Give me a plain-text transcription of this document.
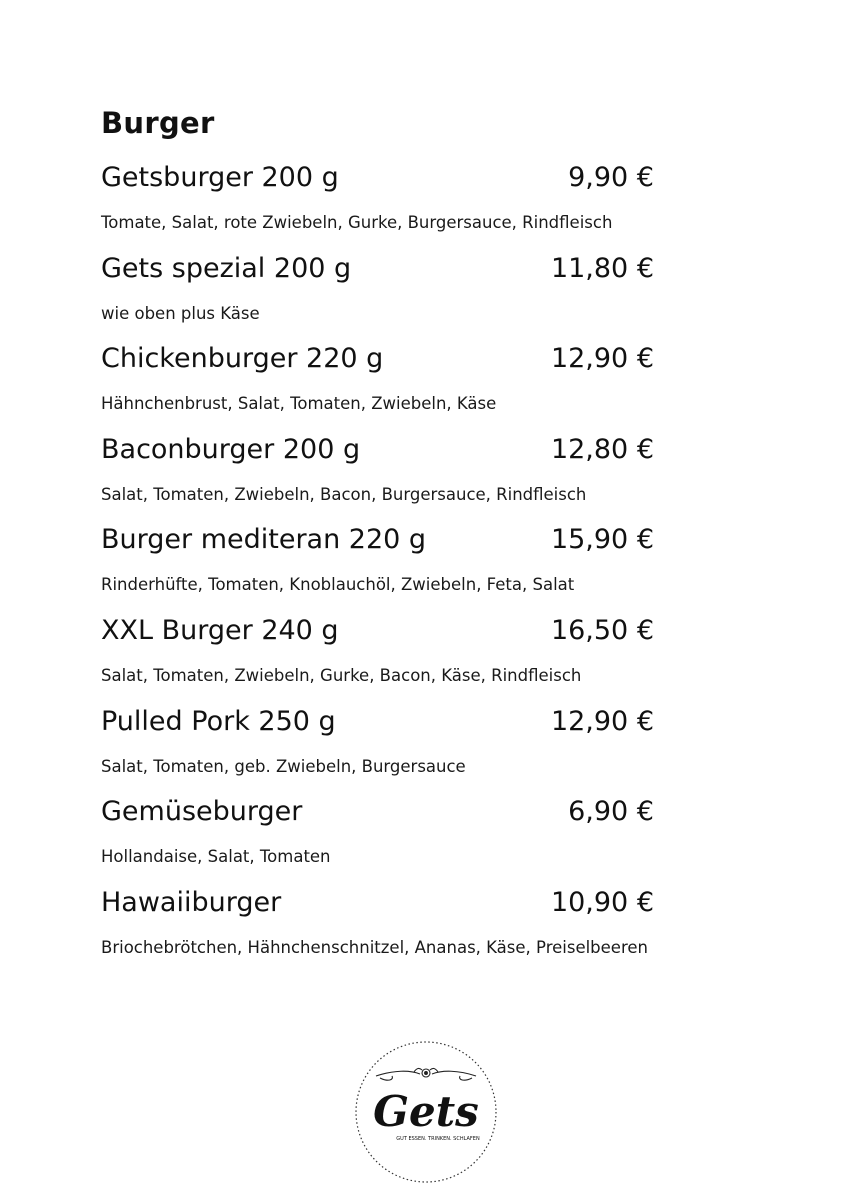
Burger
Getsburger 200 g	9,90 €
Tomate, Salat, rote Zwiebeln, Gurke, Burgersauce, Rindfleisch
Gets spezial 200 g	11,80 €
wie oben plus Käse
Chickenburger 220 g	12,90 €
Hähnchenbrust, Salat, Tomaten, Zwiebeln, Käse
Baconburger 200 g	12,80 €
Salat, Tomaten, Zwiebeln, Bacon, Burgersauce, Rindfleisch
Burger mediteran 220 g	15,90 €
Rinderhüfte, Tomaten, Knoblauchöl, Zwiebeln, Feta, Salat
XXL Burger 240 g	16,50 €
Salat, Tomaten, Zwiebeln, Gurke, Bacon, Käse, Rindfleisch
Pulled Pork 250 g	12,90 €
Salat, Tomaten, geb. Zwiebeln, Burgersauce
Gemüseburger	6,90 €
Hollandaise, Salat, Tomaten
Hawaiiburger	10,90 €
Briochebrötchen, Hähnchenschnitzel, Ananas, Käse, Preiselbeeren
Gets
GUT ESSEN. TRINKEN. SCHLAFEN
